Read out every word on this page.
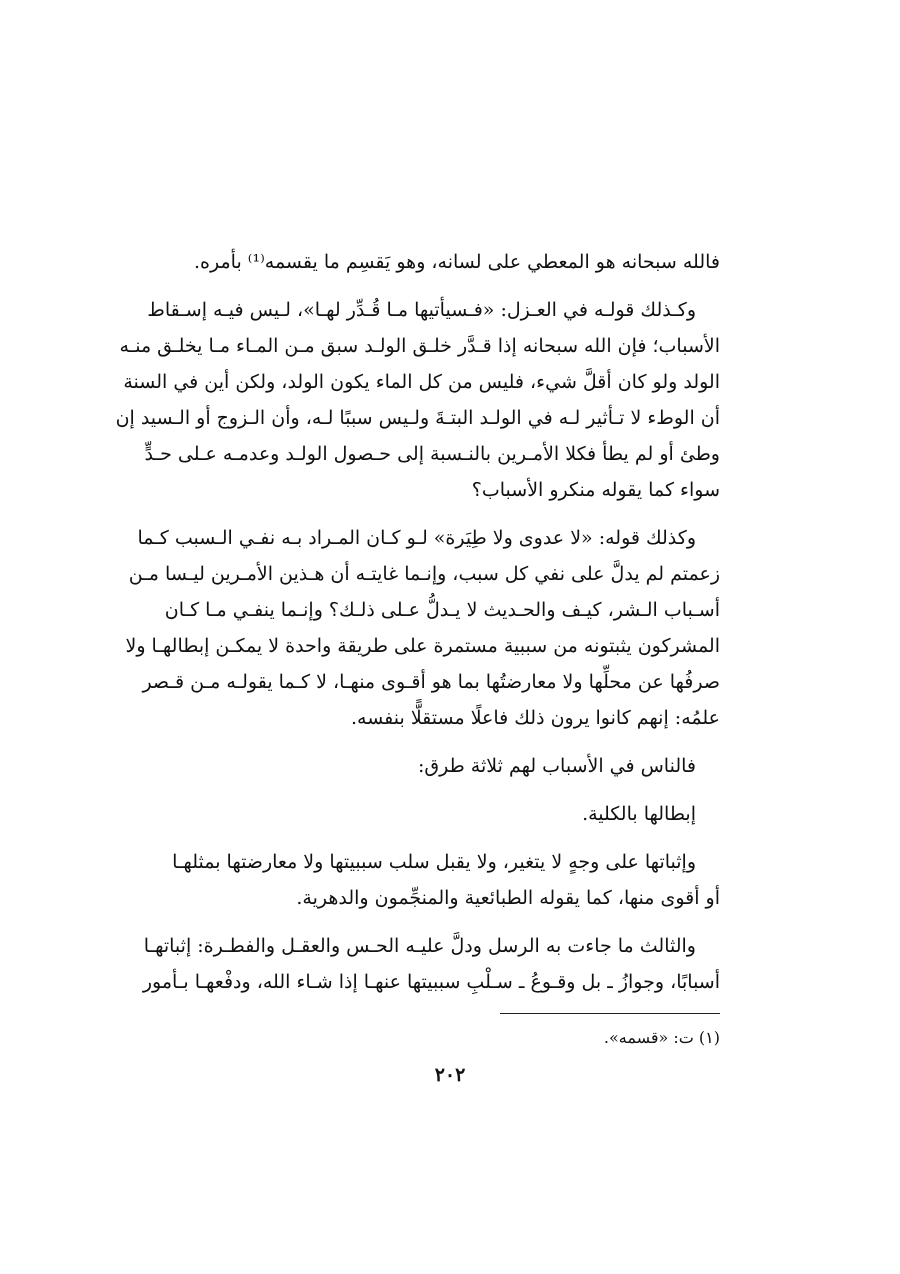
فالله سبحانه هو المعطي على لسانه، وهو يَقسِم ما يقسمه⁽¹⁾ بأمره.
وكـذلك قولـه في العـزل: «فـسيأتيها مـا قُـدِّر لهـا»، لـيس فيـه إسـقاط
الأسباب؛ فإن الله سبحانه إذا قـدَّر خلـق الولـد سبق مـن المـاء مـا يخلـق منـه
الولد ولو كان أقلَّ شيء، فليس من كل الماء يكون الولد، ولكن أين في السنة
أن الوطء لا تـأثير لـه في الولـد البتـةَ ولـيس سببًا لـه، وأن الـزوج أو الـسيد إن
وطئ أو لم يطأ فكلا الأمـرين بالنـسبة إلى حـصول الولـد وعدمـه عـلى حـدٍّ
سواء كما يقوله منكرو الأسباب؟
وكذلك قوله: «لا عدوى ولا طِيَرة» لـو كـان المـراد بـه نفـي الـسبب كـما
زعمتم لم يدلَّ على نفي كل سبب، وإنـما غايتـه أن هـذين الأمـرين ليـسا مـن
أسـباب الـشر، كيـف والحـديث لا يـدلُّ عـلى ذلـك؟ وإنـما ينفـي مـا كـان
المشركون يثبتونه من سببية مستمرة على طريقة واحدة لا يمكـن إبطالهـا ولا
صرفُها عن محلِّها ولا معارضتُها بما هو أقـوى منهـا، لا كـما يقولـه مـن قـصر
علمُه: إنهم كانوا يرون ذلك فاعلًا مستقلًّا بنفسه.
فالناس في الأسباب لهم ثلاثة طرق:
إبطالها بالكلية.
وإثباتها على وجهٍ لا يتغير، ولا يقبل سلب سببيتها ولا معارضتها بمثلهـا
أو أقوى منها، كما يقوله الطبائعية والمنجِّمون والدهرية.
والثالث ما جاءت به الرسل ودلَّ عليـه الحـس والعقـل والفطـرة: إثباتهـا
أسبابًا، وجوازُ ـ بل وقـوعُ ـ سـلْبِ سببيتها عنهـا إذا شـاء الله، ودفْعهـا بـأمور
(١) ت: «قسمه».
٢٠٢
